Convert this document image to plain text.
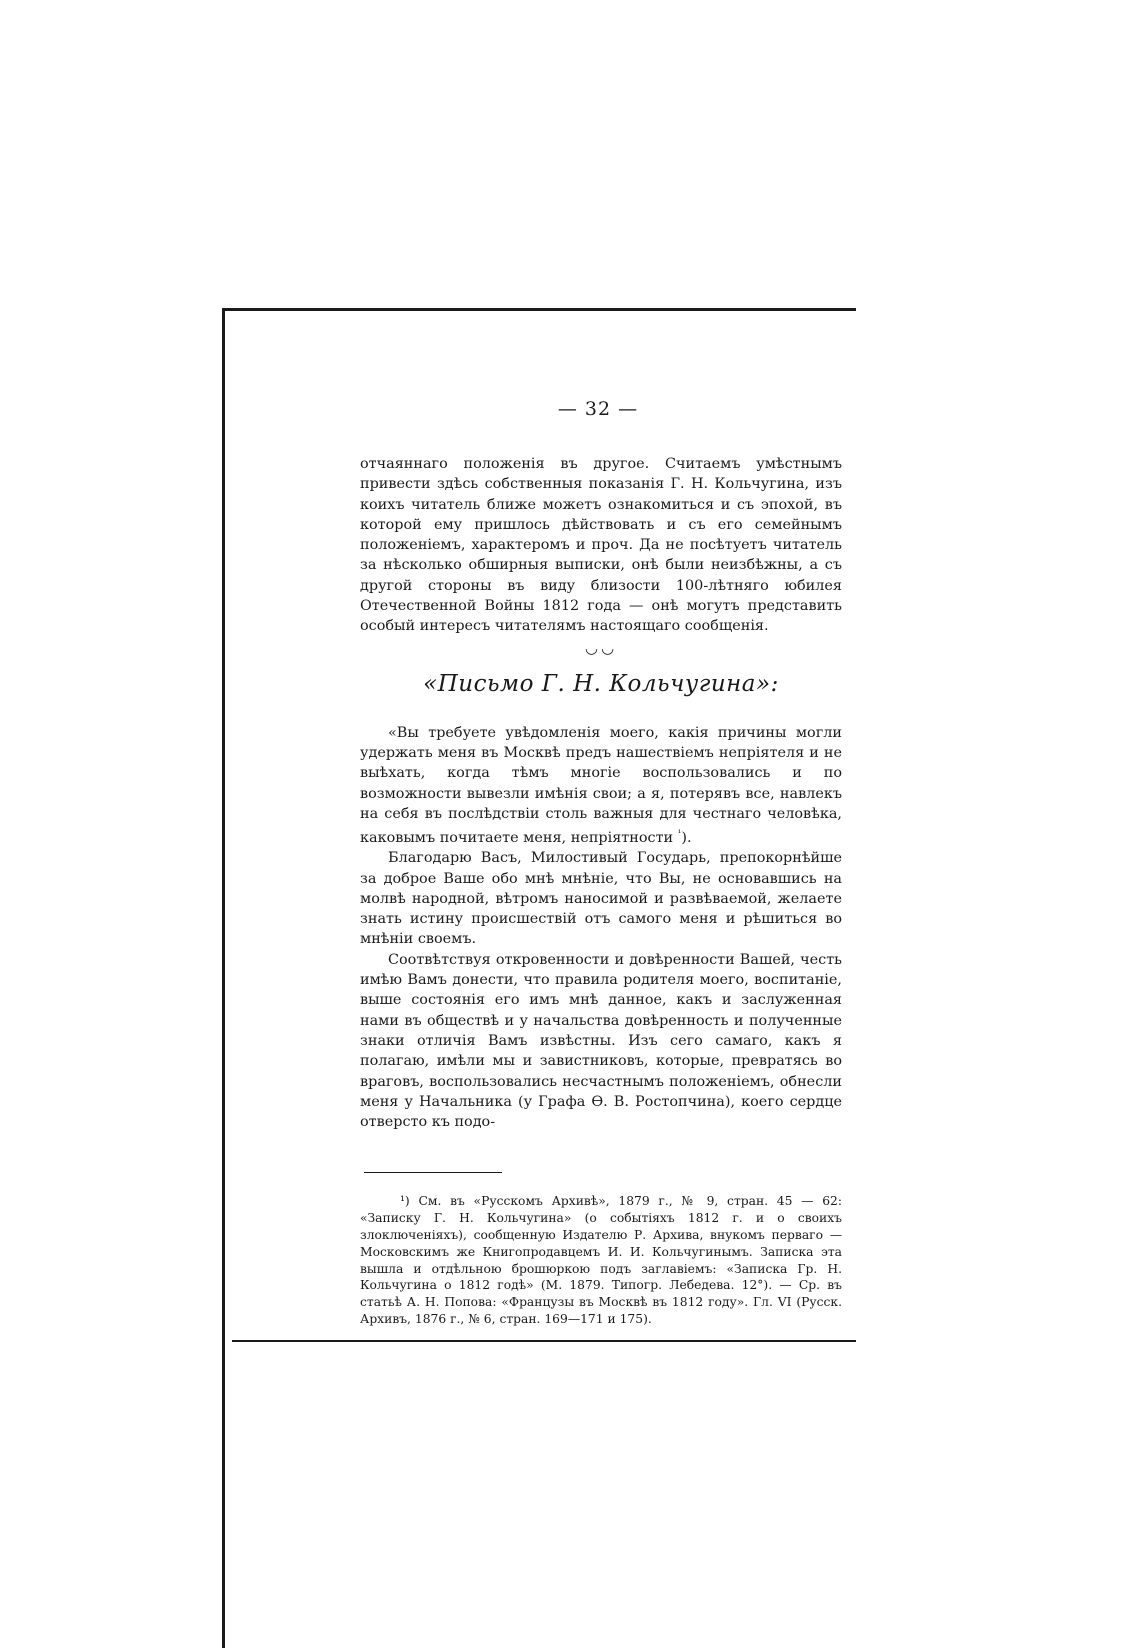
— 32 —

отчаяннаго положенія въ другое. Считаемъ умѣстнымъ привести здѣсь собственныя показанія Г. Н. Кольчугина, изъ коихъ читатель ближе можетъ ознакомиться и съ эпохой, въ которой ему пришлось дѣйствовать и съ его семейнымъ положеніемъ, характеромъ и проч. Да не посѣтуетъ читатель за нѣсколько обширныя выписки, онѣ были неизбѣжны, а съ другой стороны въ виду близости 100-лѣтняго юбилея Отечественной Войны 1812 года — онѣ могутъ представить особый интересъ читателямъ настоящаго сообщенія.

◡◡
«Письмо Г. Н. Кольчугина»:

«Вы требуете увѣдомленія моего, какія причины могли удержать меня въ Москвѣ предъ нашествіемъ непріятеля и не выѣхать, когда тѣмъ многіе воспользовались и по возможности вывезли имѣнія свои; а я, потерявъ все, навлекъ на себя въ послѣдствіи столь важныя для честнаго человѣка, каковымъ почитаете меня, непріятности $^{^1}$).

Благодарю Васъ, Милостивый Государь, препокорнѣйше за доброе Ваше обо мнѣ мнѣніе, что Вы, не основавшись на молвѣ народной, вѣтромъ наносимой и развѣваемой, желаете знать истину происшествій отъ самого меня и рѣшиться во мнѣніи своемъ.

Соотвѣтствуя откровенности и довѣренности Вашей, честь имѣю Вамъ донести, что правила родителя моего, воспитаніе, выше состоянія его имъ мнѣ данное, какъ и заслуженная нами въ обществѣ и у начальства довѣренность и полученные знаки отличія Вамъ извѣстны. Изъ сего самаго, какъ я полагаю, имѣли мы и завистниковъ, которые, превратясь во враговъ, воспользовались несчастнымъ положеніемъ, обнесли меня у Начальника (у Графа Ѳ. В. Ростопчина), коего сердце отверсто къ подо-

¹) См. въ «Русскомъ Архивѣ», 1879 г., № 9, стран. 45 — 62: «Записку Г. Н. Кольчугина» (о событіяхъ 1812 г. и о своихъ злоключеніяхъ), сообщенную Издателю Р. Архива, внукомъ перваго — Московскимъ же Книгопродавцемъ И. И. Кольчугинымъ. Записка эта вышла и отдѣльною брошюркою подъ заглавіемъ: «Записка Гр. Н. Кольчугина о 1812 годѣ» (М. 1879. Типогр. Лебедева. 12°). — Ср. въ статьѣ А. Н. Попова: «Французы въ Москвѣ въ 1812 году». Гл. VI (Русск. Архивъ, 1876 г., № 6, стран. 169—171 и 175).
